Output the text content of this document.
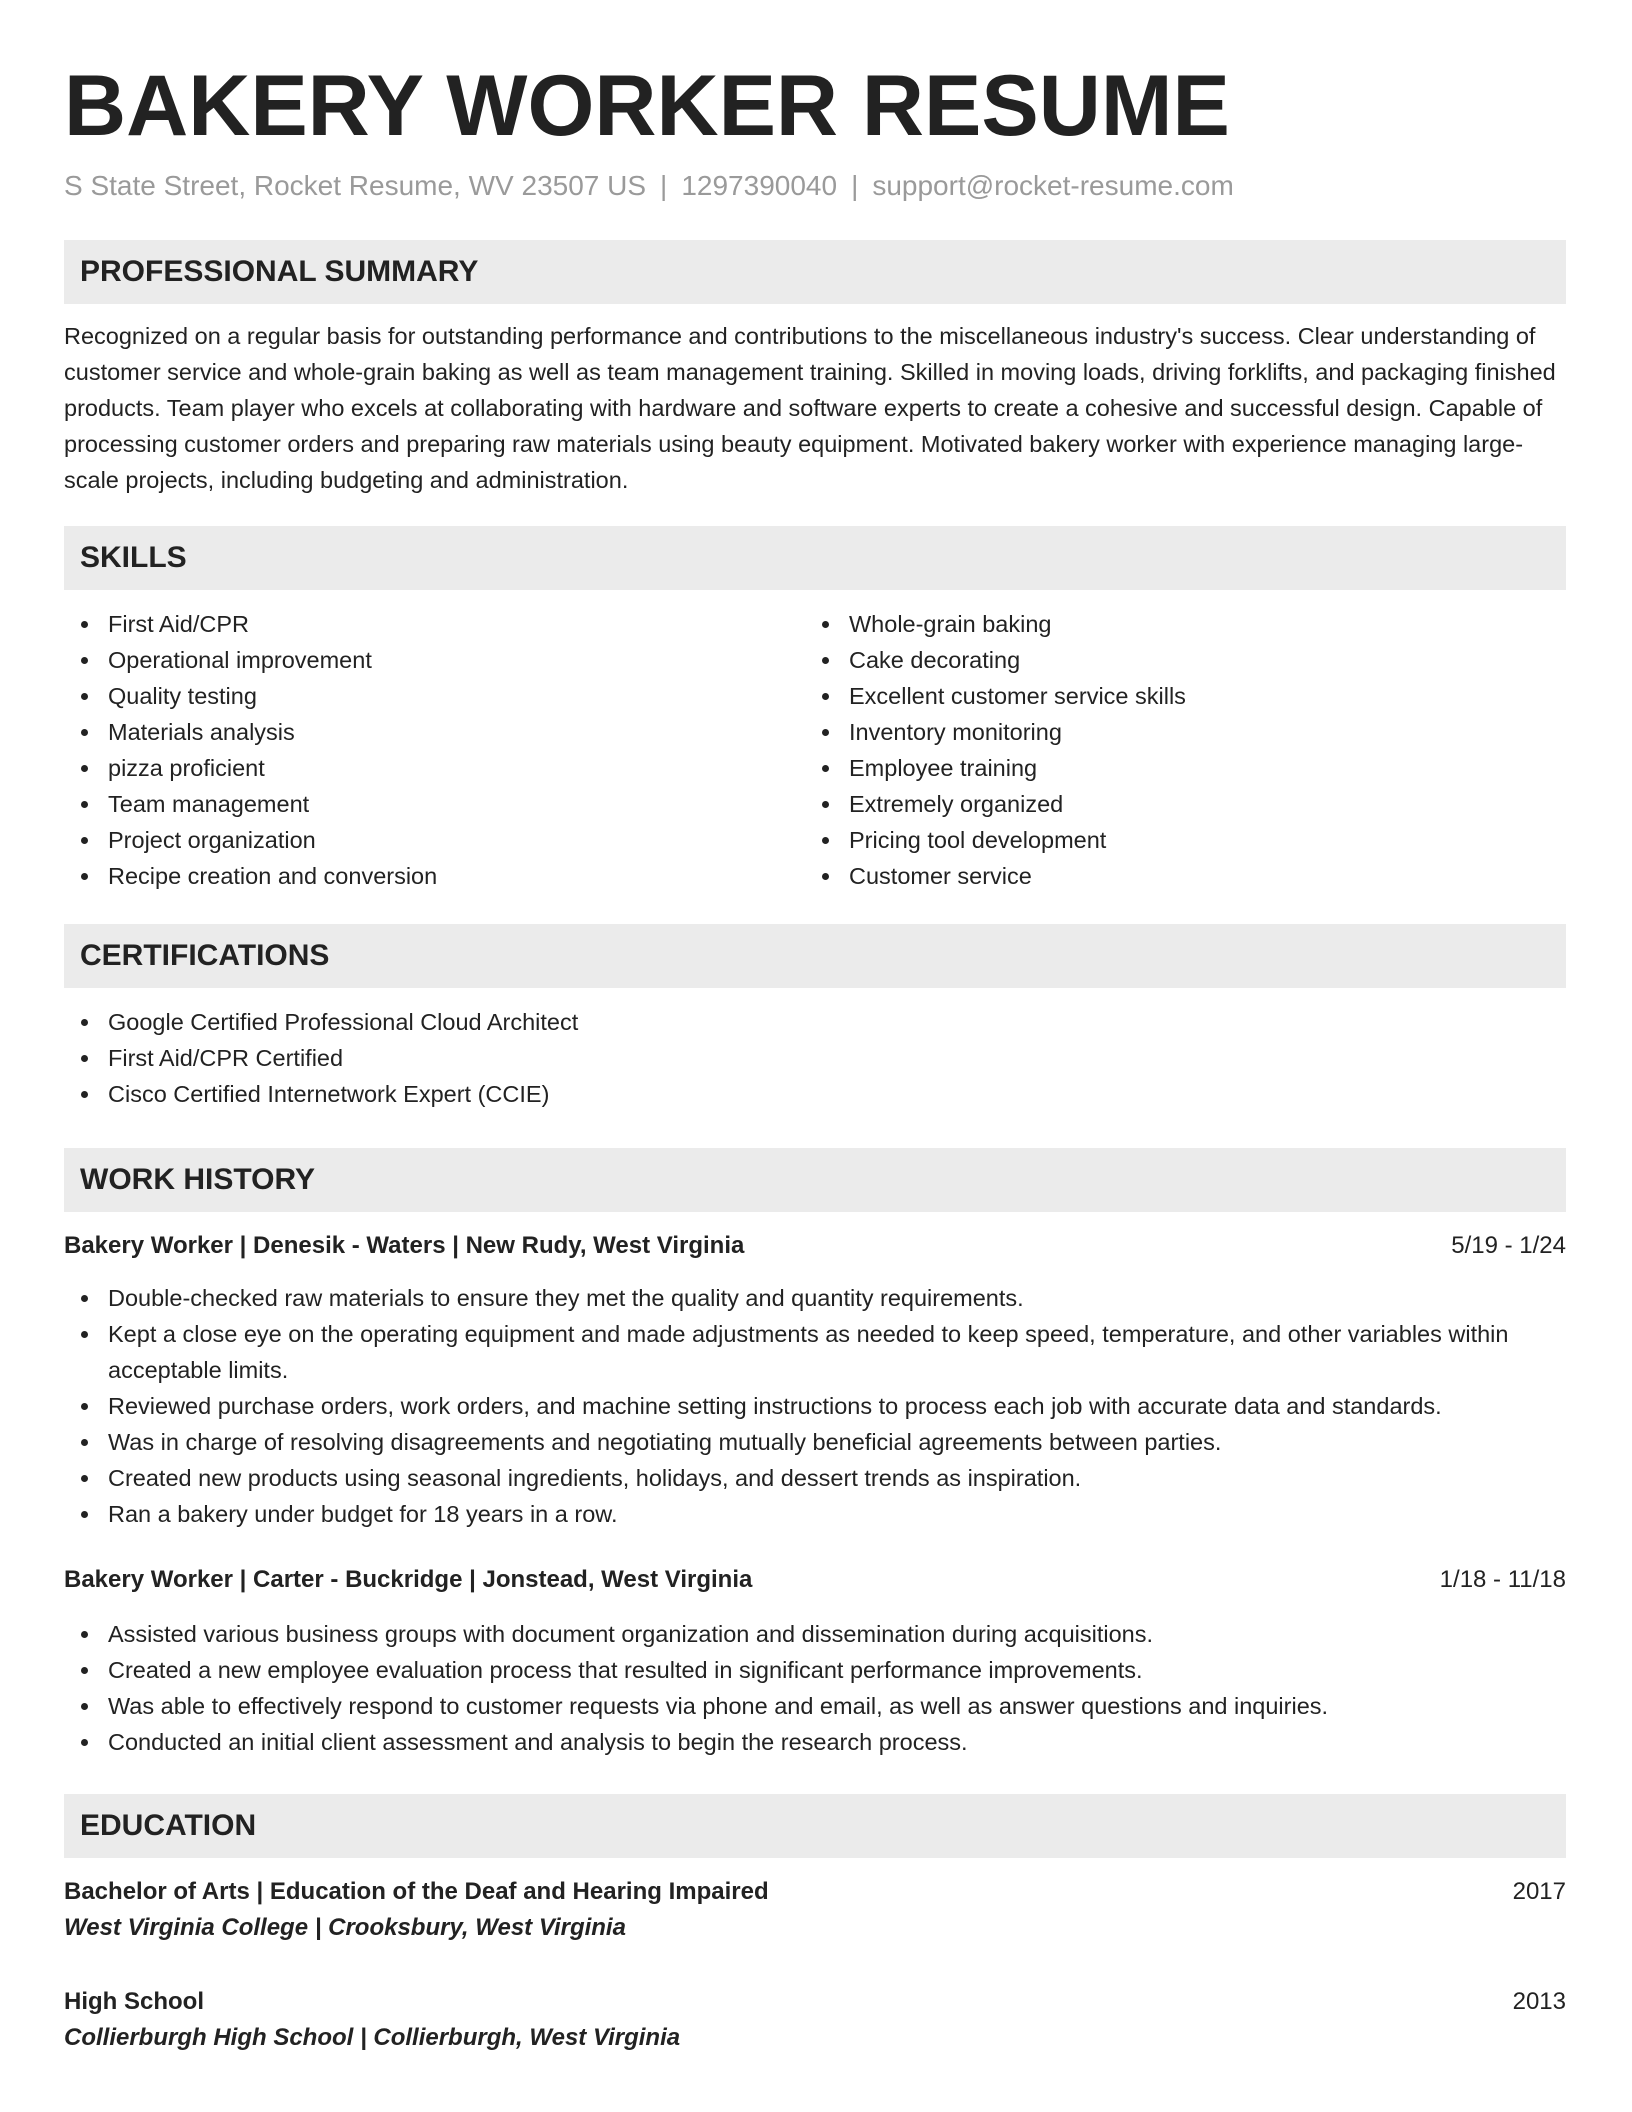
BAKERY WORKER RESUME
S State Street, Rocket Resume, WV 23507 US | 1297390040 | support@rocket-resume.com
PROFESSIONAL SUMMARY
Recognized on a regular basis for outstanding performance and contributions to the miscellaneous industry's success. Clear understanding of customer service and whole-grain baking as well as team management training. Skilled in moving loads, driving forklifts, and packaging finished products. Team player who excels at collaborating with hardware and software experts to create a cohesive and successful design. Capable of processing customer orders and preparing raw materials using beauty equipment. Motivated bakery worker with experience managing large-scale projects, including budgeting and administration.
SKILLS
First Aid/CPR
Operational improvement
Quality testing
Materials analysis
pizza proficient
Team management
Project organization
Recipe creation and conversion
Whole-grain baking
Cake decorating
Excellent customer service skills
Inventory monitoring
Employee training
Extremely organized
Pricing tool development
Customer service
CERTIFICATIONS
Google Certified Professional Cloud Architect
First Aid/CPR Certified
Cisco Certified Internetwork Expert (CCIE)
WORK HISTORY
Bakery Worker | Denesik - Waters | New Rudy, West Virginia	5/19 - 1/24
Double-checked raw materials to ensure they met the quality and quantity requirements.
Kept a close eye on the operating equipment and made adjustments as needed to keep speed, temperature, and other variables within acceptable limits.
Reviewed purchase orders, work orders, and machine setting instructions to process each job with accurate data and standards.
Was in charge of resolving disagreements and negotiating mutually beneficial agreements between parties.
Created new products using seasonal ingredients, holidays, and dessert trends as inspiration.
Ran a bakery under budget for 18 years in a row.
Bakery Worker | Carter - Buckridge | Jonstead, West Virginia	1/18 - 11/18
Assisted various business groups with document organization and dissemination during acquisitions.
Created a new employee evaluation process that resulted in significant performance improvements.
Was able to effectively respond to customer requests via phone and email, as well as answer questions and inquiries.
Conducted an initial client assessment and analysis to begin the research process.
EDUCATION
Bachelor of Arts | Education of the Deaf and Hearing Impaired	2017
West Virginia College | Crooksbury, West Virginia
High School	2013
Collierburgh High School | Collierburgh, West Virginia
